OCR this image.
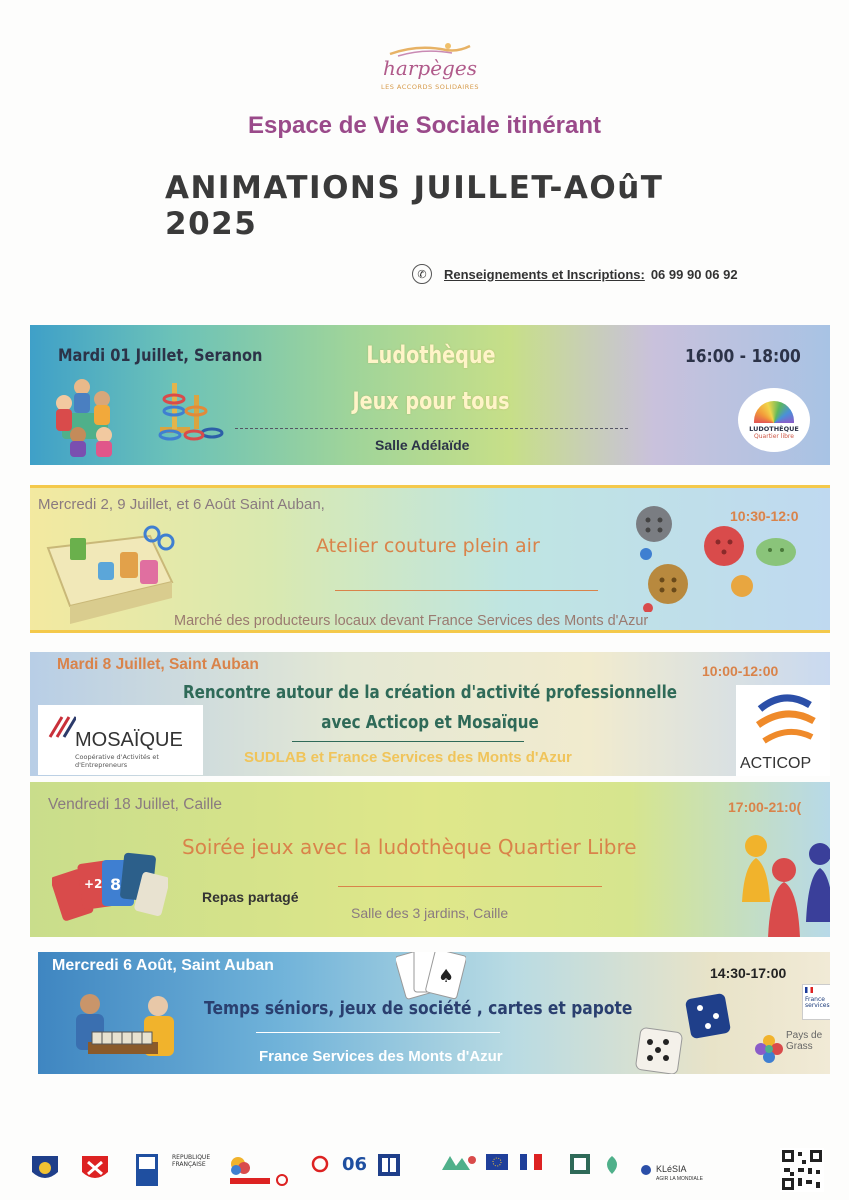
harpèges
LES ACCORDS SOLIDAIRES
Espace de Vie Sociale itinérant
ANIMATIONS JUILLET-AOûT 2025
✆	Renseignements et Inscriptions: 06 99 90 06 92
Mardi 01 Juillet, Seranon	Ludothèque
Jeux pour tous
Salle Adélaïde
16:00 - 18:00
LUDOTHÈQUE
Quartier libre
Mercredi 2, 9 Juillet, et 6 Août Saint Auban,
Atelier couture plein air
Marché des producteurs locaux devant France Services des Monts d'Azur
10:30-12:0
Mardi 8 Juillet, Saint Auban	10:00-12:00
Rencontre autour de la création d'activité professionnelle
avec Acticop et Mosaïque
SUDLAB et France Services des Monts d'Azur
MOSAÏQUE
Coopérative d'Activités et d'Entrepreneurs	ACTICOP
Vendredi 18 Juillet, Caille	17:00-21:0(
Soirée jeux avec la ludothèque Quartier Libre
8
+2
Repas partagé
Salle des 3 jardins, Caille
Mercredi 6 Août, Saint Auban
♠
Temps séniors, jeux de société , cartes et papote
France Services des Monts d'Azur
14:30-17:00
France services
Pays de Grass
REPUBLIQUE FRANÇAISE	06	KLéSIA
AGIR LA MONDIALE
